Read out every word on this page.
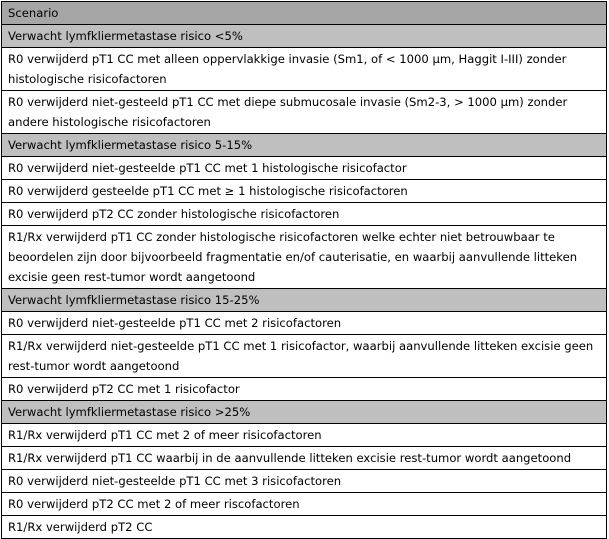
Scenario
Verwacht lymfkliermetastase risico <5%
R0 verwijderd pT1 CC met alleen oppervlakkige invasie (Sm1, of < 1000 µm, Haggit I-III) zonder histologische risicofactoren
R0 verwijderd niet-gesteeld pT1 CC met diepe submucosale invasie (Sm2-3, > 1000 µm) zonder andere histologische risicofactoren
Verwacht lymfkliermetastase risico 5-15%
R0 verwijderd niet-gesteelde pT1 CC met 1 histologische risicofactor
R0 verwijderd gesteelde pT1 CC met ≥ 1 histologische risicofactoren
R0 verwijderd pT2 CC zonder histologische risicofactoren
R1/Rx verwijderd pT1 CC zonder histologische risicofactoren welke echter niet betrouwbaar te beoordelen zijn door bijvoorbeeld fragmentatie en/of cauterisatie, en waarbij aanvullende litteken excisie geen rest-tumor wordt aangetoond
Verwacht lymfkliermetastase risico 15-25%
R0 verwijderd niet-gesteelde pT1 CC met 2 risicofactoren
R1/Rx verwijderd niet-gesteelde pT1 CC met 1 risicofactor, waarbij aanvullende litteken excisie geen rest-tumor wordt aangetoond
R0 verwijderd pT2 CC met 1 risicofactor
Verwacht lymfkliermetastase risico >25%
R1/Rx verwijderd pT1 CC met 2 of meer risicofactoren
R1/Rx verwijderd pT1 CC waarbij in de aanvullende litteken excisie rest-tumor wordt aangetoond
R0 verwijderd niet-gesteelde pT1 CC met 3 risicofactoren
R0 verwijderd pT2 CC met 2 of meer riscofactoren
R1/Rx verwijderd pT2 CC
